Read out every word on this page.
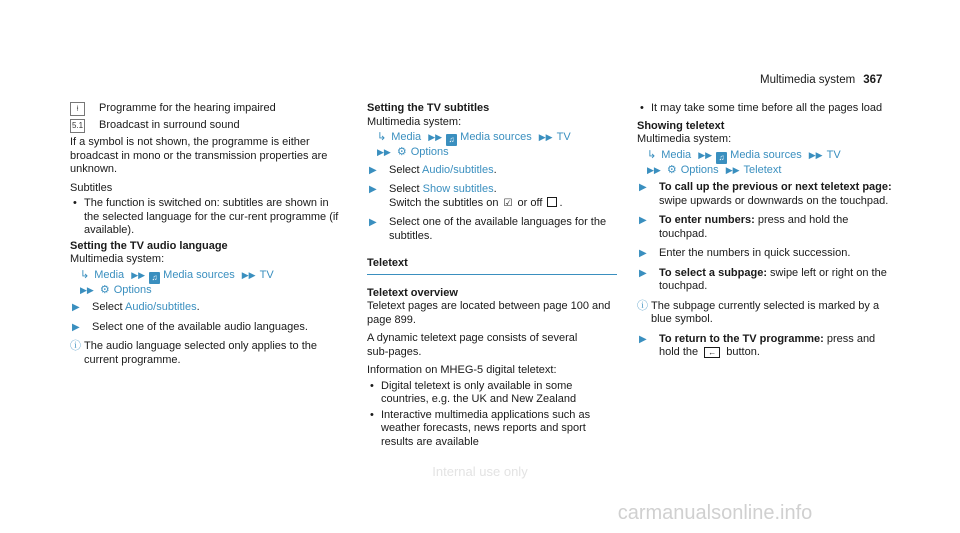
Multimedia system 367
⍿	Programme for the hearing impaired
5.1 Broadcast in surround sound

If a symbol is not shown, the programme is either broadcast in mono or the transmission properties are unknown.

Subtitles

• The function is switched on: subtitles are shown in the selected language for the cur‑rent programme (if available).
Setting the TV audio language
Multimedia system:
↳ Media ▶▶ ♫ Media sources ▶▶ TV
▶▶ ⚙ Options
▶ Select Audio/subtitles.
▶ Select one of the available audio languages.
ⓘ The audio language selected only applies to the current programme.
Setting the TV subtitles
Multimedia system:
↳ Media ▶▶ ♫ Media sources ▶▶ TV
▶▶ ⚙ Options
▶ Select Audio/subtitles.
▶ Select Show subtitles.
Switch the subtitles on ☑ or off .
▶ Select one of the available languages for the subtitles.
Teletext
Teletext overview

Teletext pages are located between page 100 and page 899.

A dynamic teletext page consists of several sub‑pages.

Information on MHEG‑5 digital teletext:

• Digital teletext is only available in some countries, e.g. the UK and New Zealand
• Interactive multimedia applications such as weather forecasts, news reports and sport results are available
• It may take some time before all the pages load
Showing teletext
Multimedia system:
↳ Media ▶▶ ♫ Media sources ▶▶ TV
▶▶ ⚙ Options ▶▶ Teletext
▶ To call up the previous or next teletext page: swipe upwards or downwards on the touchpad.
▶ To enter numbers: press and hold the touchpad.
▶ Enter the numbers in quick succession.
▶ To select a subpage: swipe left or right on the touchpad.
ⓘ The subpage currently selected is marked by a blue symbol.
▶ To return to the TV programme: press and hold the ← button.
Internal use only
carmanualsonline.info
